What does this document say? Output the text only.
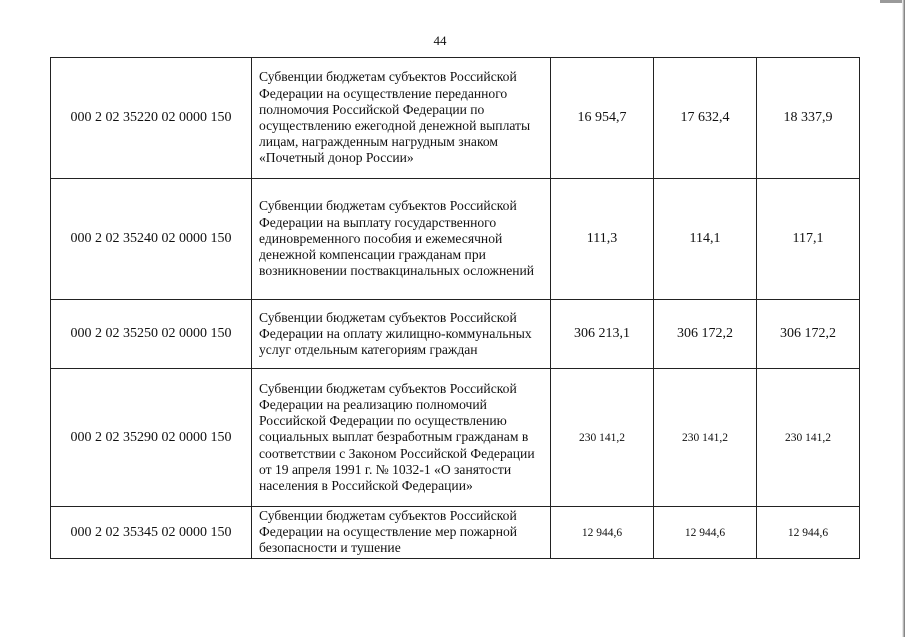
44
000 2 02 35220 02 0000 150	Субвенции бюджетам субъектов Российской Федерации на осуществление переданного полномочия Российской Федерации по осуществлению ежегодной денежной выплаты лицам, награжденным нагрудным знаком «Почетный донор России»	16 954,7	17 632,4	18 337,9
000 2 02 35240 02 0000 150	Субвенции бюджетам субъектов Российской Федерации на выплату государственного единовременного пособия и ежемесячной денежной компенсации гражданам при возникновении поствакцинальных осложнений	111,3	114,1	117,1
000 2 02 35250 02 0000 150	Субвенции бюджетам субъектов Российской Федерации на оплату жилищно-коммунальных услуг отдельным категориям граждан	306 213,1	306 172,2	306 172,2
000 2 02 35290 02 0000 150	Субвенции бюджетам субъектов Российской Федерации на реализацию полномочий Российской Федерации по осуществлению социальных выплат безработным гражданам в соответствии с Законом Российской Федерации от 19 апреля 1991 г. № 1032-1 «О занятости населения в Российской Федерации»	230 141,2	230 141,2	230 141,2
000 2 02 35345 02 0000 150	Субвенции бюджетам субъектов Российской Федерации на осуществление мер пожарной безопасности и тушение	12 944,6	12 944,6	12 944,6
